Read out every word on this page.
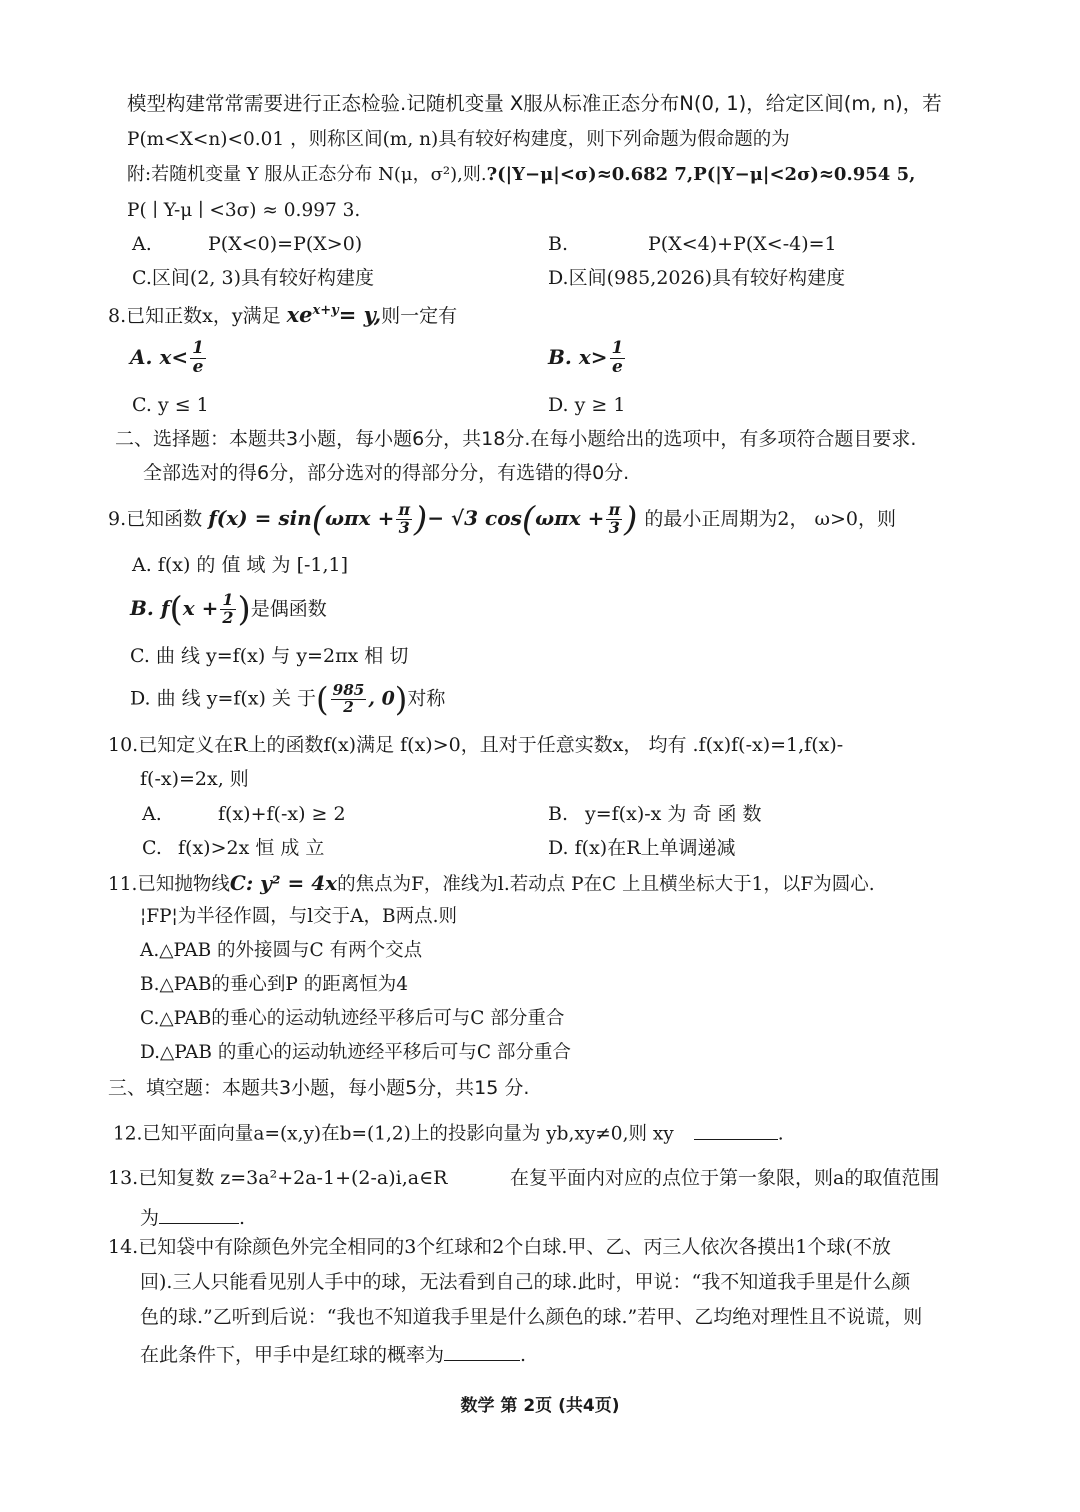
模型构建常常需要进行正态检验.记随机变量 X服从标准正态分布N(0, 1)，给定区间(m, n)，若
P(m<X<n)<0.01 ，则称区间(m, n)具有较好构建度，则下列命题为假命题的为
附:若随机变量 Y 服从正态分布 N(μ，σ²),则.?(|Y−μ|<σ)≈0.682 7,P(|Y−μ|<2σ)≈0.954 5,
P( ∣ Y-μ ∣ <3σ) ≈ 0.997 3.
A.	P(X<0)=P(X>0)	B.	P(X<4)+P(X<-4)=1
C.区间(2, 3)具有较好构建度	D.区间(985,2026)具有较好构建度
8.已知正数x，y满足 $xe^{x+y}= y$,则一定有
A. $x< \frac{1}{e}$	B. $x> \frac{1}{e}$
C. y ≤ 1	D. y ≥ 1
二、选择题：本题共3小题，每小题6分，共18分.在每小题给出的选项中，有多项符合题目要求.
全部选对的得6分，部分选对的得部分分，有选错的得0分.
9.已知函数 $f(x) = \sin(\omega\pi x + \frac{\pi}{3}$ )− √3 $\cos(\omega\pi x + \frac{\pi}{3}$ ) 的最小正周期为2， ω>0，则
A. f(x) 的 值 域 为 [-1,1]
B. $f(x + \frac{1}{2}$ )是偶函数
C. 曲 线 y=f(x) 与 y=2πx 相 切
D. 曲 线 y=f(x) 关 于( $\frac{985}{2}$ , 0)对称
10.已知定义在R上的函数f(x)满足 f(x)>0，且对于任意实数x， 均有 .f(x)f(-x)=1,f(x)-
f(-x)=2x, 则
A.	f(x)+f(-x) ≥ 2	B. y=f(x)-x 为 奇 函 数
C. f(x)>2x 恒 成 立	D. f(x)在R上单调递减
11.已知抛物线C: y² = 4x的焦点为F，准线为l.若动点 P在C 上且横坐标大于1，以F为圆心.
¦FP¦为半径作圆，与l交于A，B两点.则
A.△PAB 的外接圆与C 有两个交点
B.△PAB的垂心到P 的距离恒为4
C.△PAB的垂心的运动轨迹经平移后可与C 部分重合
D.△PAB 的重心的运动轨迹经平移后可与C 部分重合
三、填空题：本题共3小题，每小题5分，共15 分.
12.已知平面向量a=(x,y)在b=(1,2)上的投影向量为 yb,xy≠0,则 xy	.
13.已知复数 z=3a²+2a-1+(2-a)i,a∈R	在复平面内对应的点位于第一象限，则a的取值范围
为	.
14.已知袋中有除颜色外完全相同的3个红球和2个白球.甲、乙、丙三人依次各摸出1个球(不放
回).三人只能看见别人手中的球，无法看到自己的球.此时，甲说：“我不知道我手里是什么颜
色的球.”乙听到后说：“我也不知道我手里是什么颜色的球.”若甲、乙均绝对理性且不说谎，则
在此条件下，甲手中是红球的概率为	.
数学 第 2页 (共4页)
